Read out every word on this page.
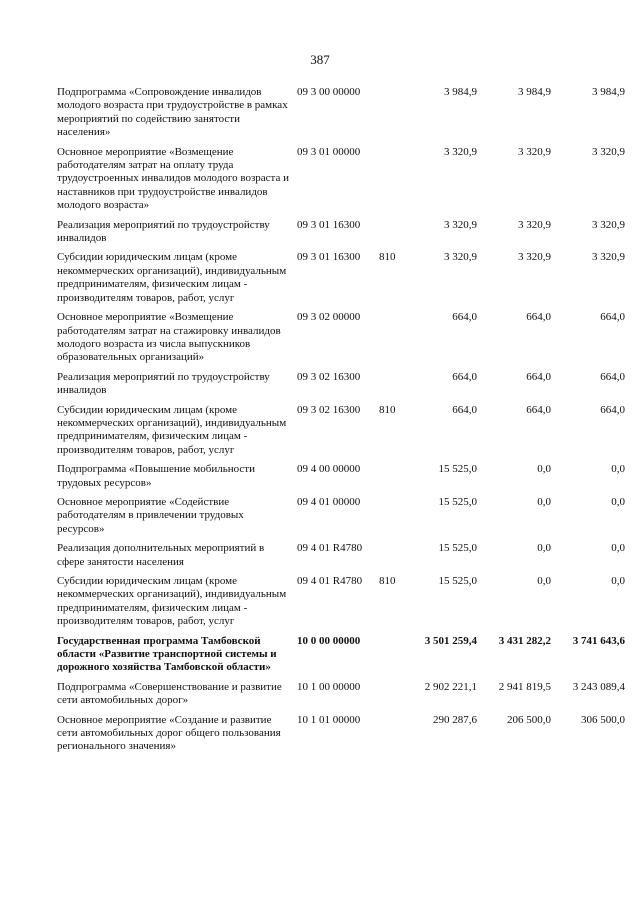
387
Подпрограмма «Сопровождение инвалидов молодого возраста при трудоустройстве в рамках мероприятий по содействию занятости населения»	09 3 00 00000		3 984,9	3 984,9	3 984,9
Основное мероприятие «Возмещение работодателям затрат на оплату труда трудоустроенных инвалидов молодого возраста и наставников при трудоустройстве инвалидов молодого возраста»	09 3 01 00000		3 320,9	3 320,9	3 320,9
Реализация мероприятий по трудоустройству инвалидов	09 3 01 16300		3 320,9	3 320,9	3 320,9
Субсидии юридическим лицам (кроме некоммерческих организаций), индивидуальным предпринимателям, физическим лицам - производителям товаров, работ, услуг	09 3 01 16300	810	3 320,9	3 320,9	3 320,9
Основное мероприятие «Возмещение работодателям затрат на стажировку инвалидов молодого возраста из числа выпускников образовательных организаций»	09 3 02 00000		664,0	664,0	664,0
Реализация мероприятий по трудоустройству инвалидов	09 3 02 16300		664,0	664,0	664,0
Субсидии юридическим лицам (кроме некоммерческих организаций), индивидуальным предпринимателям, физическим лицам - производителям товаров, работ, услуг	09 3 02 16300	810	664,0	664,0	664,0
Подпрограмма «Повышение мобильности трудовых ресурсов»	09 4 00 00000		15 525,0	0,0	0,0
Основное мероприятие «Содействие работодателям в привлечении трудовых ресурсов»	09 4 01 00000		15 525,0	0,0	0,0
Реализация дополнительных мероприятий в сфере занятости населения	09 4 01 R4780		15 525,0	0,0	0,0
Субсидии юридическим лицам (кроме некоммерческих организаций), индивидуальным предпринимателям, физическим лицам - производителям товаров, работ, услуг	09 4 01 R4780	810	15 525,0	0,0	0,0
Государственная программа Тамбовской области «Развитие транспортной системы и дорожного хозяйства Тамбовской области»	10 0 00 00000		3 501 259,4	3 431 282,2	3 741 643,6
Подпрограмма «Совершенствование и развитие сети автомобильных дорог»	10 1 00 00000		2 902 221,1	2 941 819,5	3 243 089,4
Основное мероприятие «Создание и развитие сети автомобильных дорог общего пользования регионального значения»	10 1 01 00000		290 287,6	206 500,0	306 500,0
